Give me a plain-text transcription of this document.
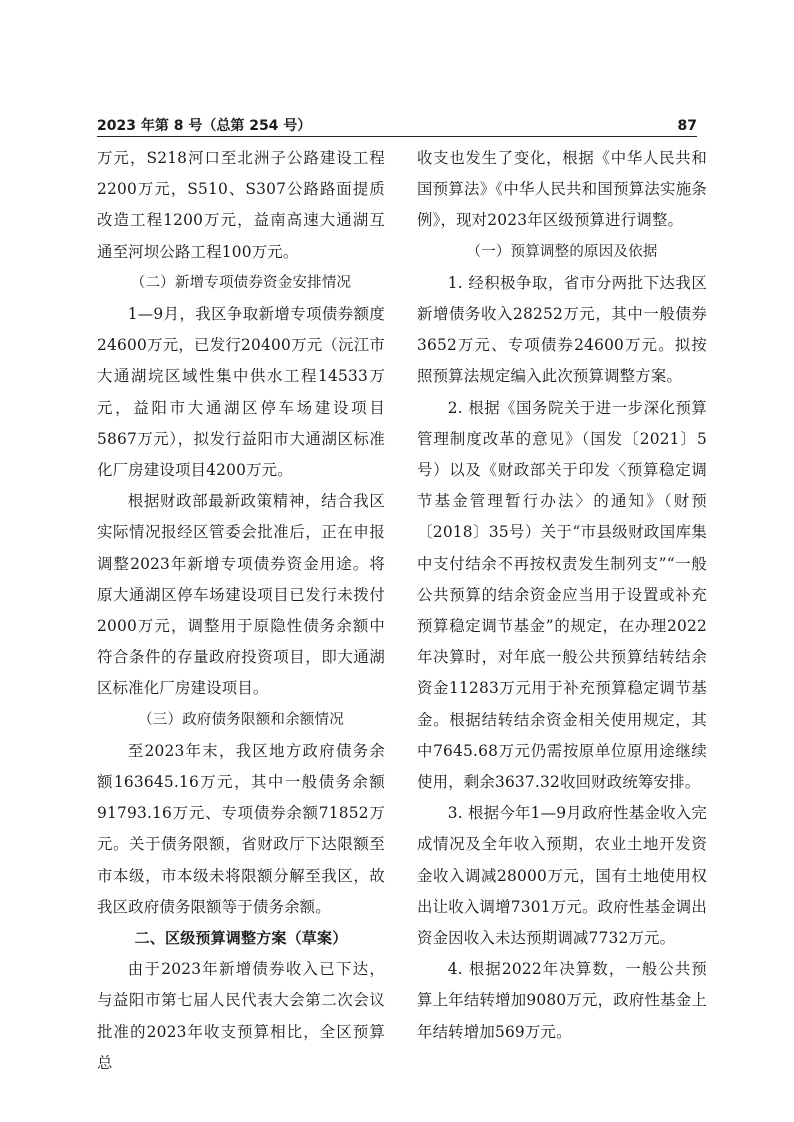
2023 年第 8 号（总第 254 号）	87

万元，S218河口至北洲子公路建设工程2200万元，S510、S307公路路面提质改造工程1200万元，益南高速大通湖互通至河坝公路工程100万元。

（二）新增专项债券资金安排情况

1—9月，我区争取新增专项债券额度24600万元，已发行20400万元（沅江市大通湖垸区域性集中供水工程14533万元，益阳市大通湖区停车场建设项目5867万元），拟发行益阳市大通湖区标准化厂房建设项目4200万元。

根据财政部最新政策精神，结合我区实际情况报经区管委会批准后，正在申报调整2023年新增专项债券资金用途。将原大通湖区停车场建设项目已发行未拨付2000万元，调整用于原隐性债务余额中符合条件的存量政府投资项目，即大通湖区标准化厂房建设项目。

（三）政府债务限额和余额情况

至2023年末，我区地方政府债务余额163645.16万元，其中一般债务余额91793.16万元、专项债券余额71852万元。关于债务限额，省财政厅下达限额至市本级，市本级未将限额分解至我区，故我区政府债务限额等于债务余额。

二、区级预算调整方案（草案）

由于2023年新增债券收入已下达，与益阳市第七届人民代表大会第二次会议批准的2023年收支预算相比，全区预算总

收支也发生了变化，根据《中华人民共和国预算法》《中华人民共和国预算法实施条例》，现对2023年区级预算进行调整。

（一）预算调整的原因及依据

1. 经积极争取，省市分两批下达我区新增债务收入28252万元，其中一般债券3652万元、专项债券24600万元。拟按照预算法规定编入此次预算调整方案。

2. 根据《国务院关于进一步深化预算管理制度改革的意见》（国发〔2021〕5号）以及《财政部关于印发〈预算稳定调节基金管理暂行办法〉的通知》（财预〔2018〕35号）关于“市县级财政国库集中支付结余不再按权责发生制列支”“一般公共预算的结余资金应当用于设置或补充预算稳定调节基金”的规定，在办理2022年决算时，对年底一般公共预算结转结余资金11283万元用于补充预算稳定调节基金。根据结转结余资金相关使用规定，其中7645.68万元仍需按原单位原用途继续使用，剩余3637.32收回财政统筹安排。

3. 根据今年1—9月政府性基金收入完成情况及全年收入预期，农业土地开发资金收入调减28000万元，国有土地使用权出让收入调增7301万元。政府性基金调出资金因收入未达预期调减7732万元。

4. 根据2022年决算数，一般公共预算上年结转增加9080万元，政府性基金上年结转增加569万元。
